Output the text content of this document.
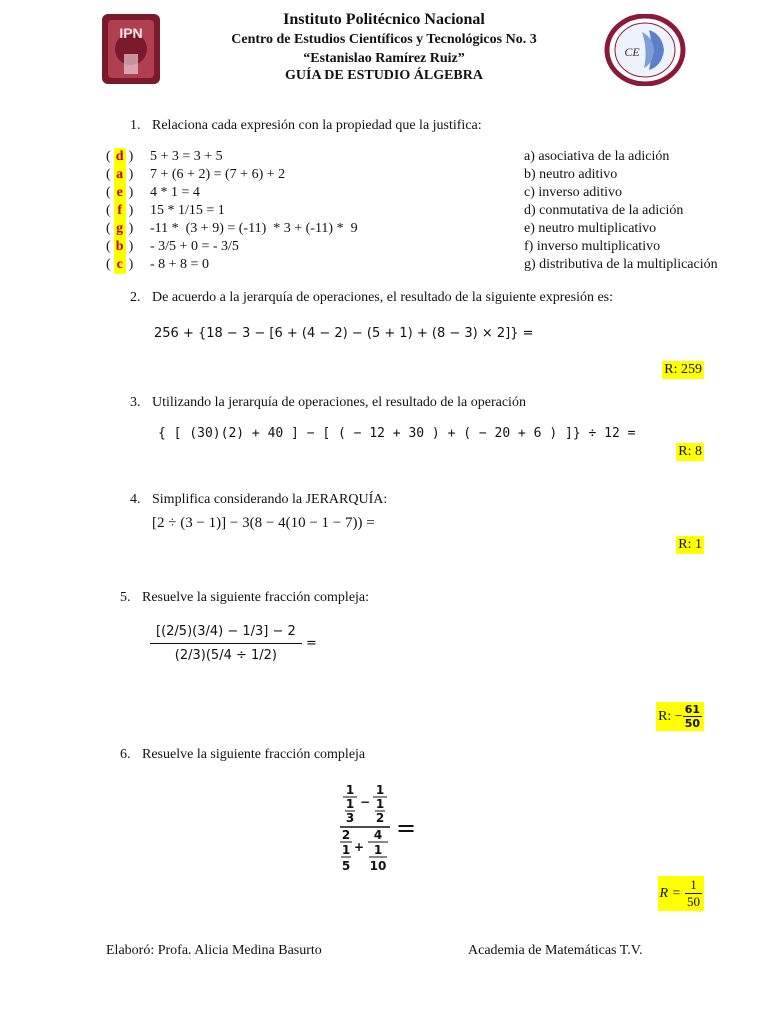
IPN
CE
Instituto Politécnico Nacional
Centro de Estudios Científicos y Tecnológicos No. 3
“Estanislao Ramírez Ruiz”
GUÍA DE ESTUDIO ÁLGEBRA
1. Relaciona cada expresión con la propiedad que la justifica:
( d ) 5 + 3 = 3 + 5	a) asociativa de la adición
( a ) 7 + (6 + 2) = (7 + 6) + 2	b) neutro aditivo
( e ) 4 * 1 = 4	c) inverso aditivo
( f ) 15 * 1/15 = 1	d) conmutativa de la adición
( g ) -11 *  (3 + 9) = (-11)  * 3 + (-11) *  9	e) neutro multiplicativo
( b ) - 3/5 + 0 = - 3/5	f) inverso multiplicativo
( c ) - 8 + 8 = 0	g) distributiva de la multiplicación
2. De acuerdo a la jerarquía de operaciones, el resultado de la siguiente expresión es:
256 + {18 − 3 − [6 + (4 − 2) − (5 + 1) + (8 − 3) × 2]} =
R: 259
3. Utilizando la jerarquía de operaciones, el resultado de la operación
{ [ (30)(2) + 40 ] − [ ( − 12 + 30 ) + ( − 20 + 6 ) ]} ÷ 12 =
R: 8
4. Simplifica considerando la JERARQUÍA:
[2 ÷ (3 − 1)] − 3(8 − 4(10 − 1 − 7)) =
R: 1
5. Resuelve la siguiente fracción compleja:
$\frac{[(2/5)(3/4) - 1/3] - 2}{(2/3)(5/4 \div 1/2)}$ =
R: − $\frac{61}{50}$
6. Resuelve la siguiente fracción compleja
1
1
3
−
1
1
2
2
1
5
+
4
1
10
=
$R = \frac{1}{50}$
Elaboró: Profa. Alicia Medina Basurto	Academia de Matemáticas T.V.
